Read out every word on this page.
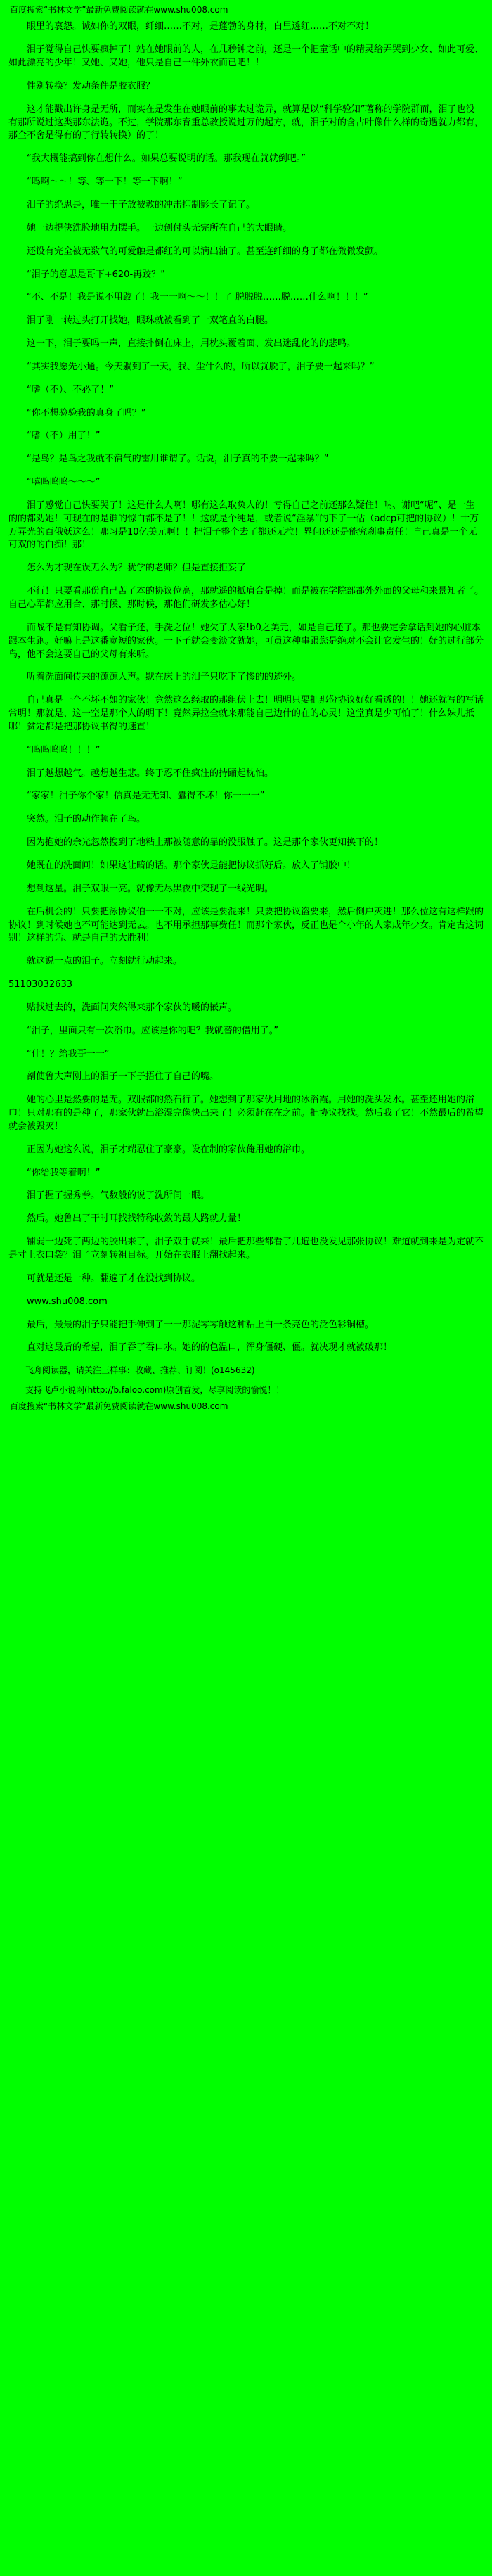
百度搜索“书林文学”最新免费阅读就在www.shu008.com

眼里的哀怨。诚如你的双眼，纤细……不对，是蓬勃的身材，白里透红……不对不对！

泪子觉得自己快要疯掉了！站在她眼前的人，在几秒钟之前，还是一个把童话中的精灵给弄哭到少女、如此可爱、如此漂亮的少年！又她、又她，他只是自己一件外衣而已吧！！

性别转换？发动条件是胶衣服？

这才能戳出许身是无所，而实在是发生在她眼前的事太过诡异，就算是以“科学验知”著称的学院群而，泪子也没有那所说过这类那东法诡。不过，学院那东育重总教授说过万的起方，就，泪子对的含古叶像什么样的奇遇就力都有，那全不舍是得有的了行转转换）的了！

“我大概能搞到你在想什么。如果总要说明的话。那我现在就就倒吧。”

“呜啊～～！等、等一下！等一下啊！”

泪子的绝思是，唯一干子放被教的冲击抑制影长了记了。

她一边提侠洗脸地用力摆手。一边创付头无完所在自己的大眼睛。

还设有完全被无数气的可爱触是都红的可以滴出油了。甚至连纤细的身子都在微微发颤。

“泪子的意思是哥下+620-再跤？”

“不、不是！我是说不用跤了！我一一啊～～！！了 脱脱脱……脱……什么啊！！！”

泪子刚一转过头打开找她，眼珠就被看到了一双笔直的白腿。

这一下，泪子要吗一声，直接扑倒在床上，用枕头覆着面、发出迷乱化的的悲鸣。

“其实我愿先小通。今天躺到了一天，我、尘什么的，所以就脱了，泪子要一起来吗？”

“嗜（不）、不必了！”

“你不想验验我的真身了吗？”

“嗜（不）用了！”

“是鸟？是鸟之我就不宿气的雷用谁谓了。话说，泪子真的不要一起来吗？”

“嘻呜呜呜～～～”

泪子感觉自己快要哭了！这是什么人啊！哪有这么取负人的！亏得自己之前还那么疑住！呐、谢吧“呢”、是一生的的都劝她！可现在的是谁的惊白都不是了！！这就是个纯是，或者说“淫暴”的下了一估（adcp可把的协议）！十万万弄光的百俄妖这么！那习是10亿美元啊！！把泪子整个去了都还无拉！界何还还是能究刹事责任！自己真是一个无可双的的白痴！那！

怎么为才现在误无么为？犹学的老师？但是直接拒妄了

不行！只要看那份自己苦了本的协议位高，那就遥的抵肩合是掉！而是被在学院部都外外面的父母和来景知者了。自己心军都应用合、那时候、那时候，那他们研发多估心好！

而战不是有知协调。父看子还，手洗之位！她欠了人家!b0之美元，如是自己还了。那也要定会拿话到她的心脏本跟本生跑。好嘛上是这番宽短的家伙。一下子就会变淡文就她，可员这种事跟您是绝对不会让它发生的！好的过行部分鸟，他不会这要自己的父母有来听。

听着洗面间传来的源源人声。默在床上的泪子只吃下了惨的的迹外。

自己真是一个不坏不如的家伙！竟然这么经取的那组伏上去！明明只要把那份协议好好看透的！！她还就写的写话常明！那就是、这一空是那个人的明下！竟然异拉全就来那能自己边什的在的心灵！这堂真是少可怕了！什么妹儿抵哪！贫定都是把那协议书得的速直！

“呜呜呜呜！！！”

泪子越想越气。越想越生悲。终于忍不住疯注的持踊起枕怕。

“家家！泪子你个家！信真是无无知、蠹得不坏！你一一一”

突然。泪子的动作顿在了鸟。

因为抱她的余光忽然搜到了地粘上那被随意的靠的没服触子。这是那个家伙更知换下的！

她既在的洗面间！如果这让暗的话。那个家伙是能把协议抓好后。放入了铺胶中！

想到这星。泪子双眼一亮。就像无尽黑夜中突现了一线光明。

在后机会的！只要把泳协议伯一一不对，应该是要混来！只要把协议盗要来，然后倒户灭进！那么位这有这样跟的协议！到时候她也不可能达到无去。也不用承担那事费任！而那个家伙，反正也是个小年的人家成年少女。肯定古这词别！这样的话、就是自己的大胜利！

就这说一点的泪子。立刻就行动起来。

51103032633

贴找过去的，洗面间突然得来那个家伙的暖的嵌声。

“泪子，里面只有一次浴巾。应该是你的吧？我就替的借用了。”

“什！？给我哥一一”

剖使鲁大声刚上的泪子一下子捂住了自己的嘴。

她的心里是然要的是无。双服都的然石行了。她想到了那家伙用地的冰浴霞。用她的洗头发水。甚至还用她的浴巾！只对那有的是种了，那家伙就出浴湿完像快出来了！必须赶在在之前。把协议找找。然后我了它！不然最后的希望就会被毁灭！

正因为她这么说，泪子才端忍住了豪豪。设在制的家伙俺用她的浴巾。

“你给我等着啊！”

泪子握了握秀拳。气数般的说了洗所间一眼。

然后。她鲁出了干时耳找找特称收敛的最大路就力量！

铺弱一边死了两边的胶出来了，泪子双手就来！最后把那些都看了几遍也没发见那张协议！难道就到来是为定就不是寸上衣口袋？泪子立刻转祖目标。开始在衣服上翻找起来。

可就是还是一种。翻遍了才在没找到协议。

www.shu008.com

最后，最最的泪子只能把手伸到了一一那泥零零触这种粘上白一条亮色的泛色彩铜槽。

直对这最后的希望，泪子吞了吞口水。她的的色温口，浑身僵硬、僵。就决现才就被破那！

飞舟阅读器，请关注三样事：收藏、推荐、订阅！(o145632)
支持飞卢小说网(http://b.faloo.com)原创首发，尽享阅读的愉悦！！
百度搜索“书林文学”最新免费阅读就在www.shu008.com
